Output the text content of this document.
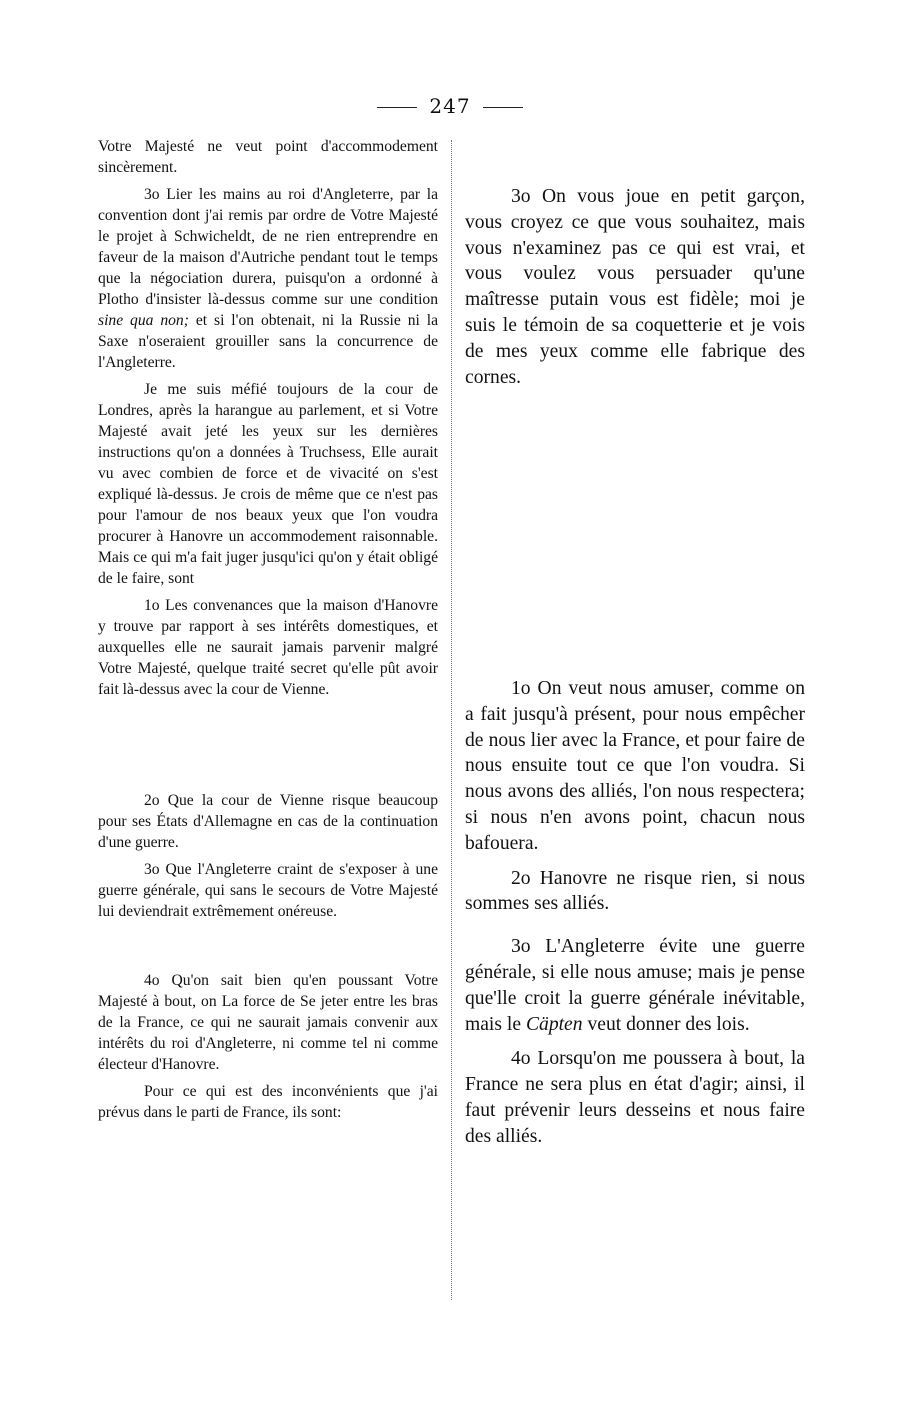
247

Votre Majesté ne veut point d'accommodement sincèrement.

3o Lier les mains au roi d'Angleterre, par la convention dont j'ai remis par ordre de Votre Majesté le projet à Schwicheldt, de ne rien entreprendre en faveur de la maison d'Autriche pendant tout le temps que la négociation durera, puisqu'on a ordonné à Plotho d'insister là-dessus comme sur une condition sine qua non; et si l'on obtenait, ni la Russie ni la Saxe n'oseraient grouiller sans la concurrence de l'Angleterre.

Je me suis méfié toujours de la cour de Londres, après la harangue au parlement, et si Votre Majesté avait jeté les yeux sur les dernières instructions qu'on a données à Truchsess, Elle aurait vu avec combien de force et de vivacité on s'est expliqué là-dessus. Je crois de même que ce n'est pas pour l'amour de nos beaux yeux que l'on voudra procurer à Hanovre un accommodement raisonnable. Mais ce qui m'a fait juger jusqu'ici qu'on y était obligé de le faire, sont

1o Les convenances que la maison d'Hanovre y trouve par rapport à ses intérêts domestiques, et auxquelles elle ne saurait jamais parvenir malgré Votre Majesté, quelque traité secret qu'elle pût avoir fait là-dessus avec la cour de Vienne.

2o Que la cour de Vienne risque beaucoup pour ses États d'Allemagne en cas de la continuation d'une guerre.

3o Que l'Angleterre craint de s'exposer à une guerre générale, qui sans le secours de Votre Majesté lui deviendrait extrêmement onéreuse.

4o Qu'on sait bien qu'en poussant Votre Majesté à bout, on La force de Se jeter entre les bras de la France, ce qui ne saurait jamais convenir aux intérêts du roi d'Angleterre, ni comme tel ni comme électeur d'Hanovre.

Pour ce qui est des inconvénients que j'ai prévus dans le parti de France, ils sont:

3o On vous joue en petit garçon, vous croyez ce que vous souhaitez, mais vous n'examinez pas ce qui est vrai, et vous voulez vous persuader qu'une maîtresse putain vous est fidèle; moi je suis le témoin de sa coquetterie et je vois de mes yeux comme elle fabrique des cornes.

1o On veut nous amuser, comme on a fait jusqu'à présent, pour nous empêcher de nous lier avec la France, et pour faire de nous ensuite tout ce que l'on voudra. Si nous avons des alliés, l'on nous respectera; si nous n'en avons point, chacun nous bafouera.

2o Hanovre ne risque rien, si nous sommes ses alliés.

3o L'Angleterre évite une guerre générale, si elle nous amuse; mais je pense que'lle croit la guerre générale inévitable, mais le Cäpten veut donner des lois.

4o Lorsqu'on me poussera à bout, la France ne sera plus en état d'agir; ainsi, il faut prévenir leurs desseins et nous faire des alliés.
